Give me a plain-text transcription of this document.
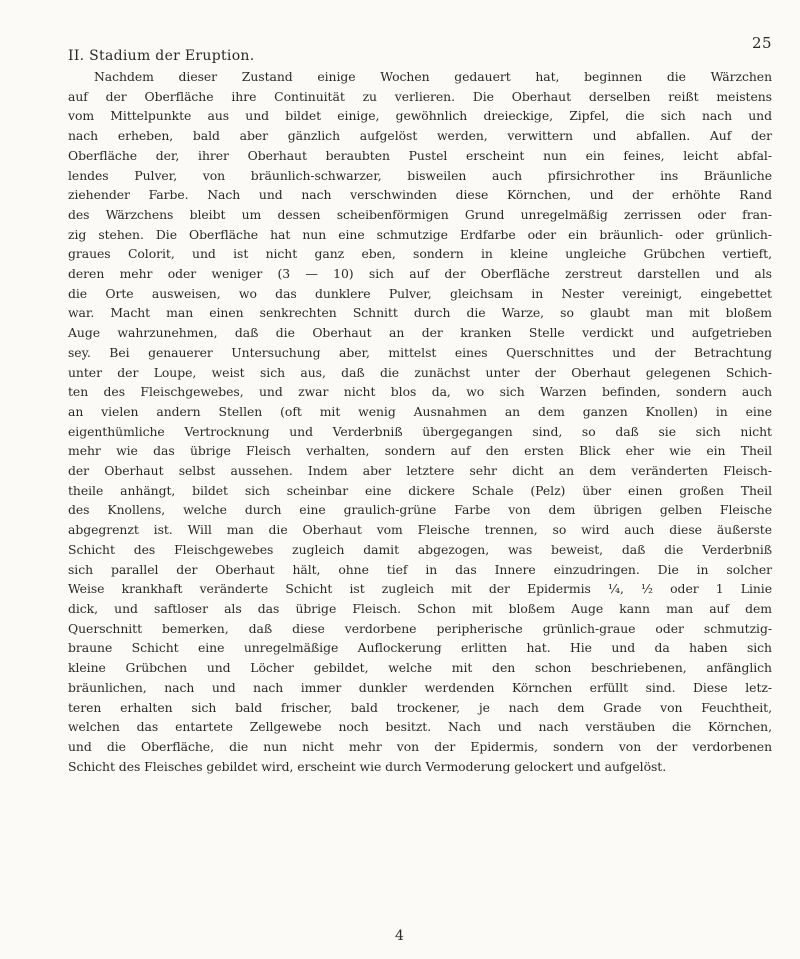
25
II. Stadium der Eruption.
Nachdem dieser Zustand einige Wochen gedauert hat, beginnen die Wärzchen
auf der Oberfläche ihre Continuität zu verlieren. Die Oberhaut derselben reißt meistens
vom Mittelpunkte aus und bildet einige, gewöhnlich dreieckige, Zipfel, die sich nach und
nach erheben, bald aber gänzlich aufgelöst werden, verwittern und abfallen. Auf der
Oberfläche der, ihrer Oberhaut beraubten Pustel erscheint nun ein feines, leicht abfal-
lendes Pulver, von bräunlich-schwarzer, bisweilen auch pfirsichrother ins Bräunliche
ziehender Farbe. Nach und nach verschwinden diese Körnchen, und der erhöhte Rand
des Wärzchens bleibt um dessen scheibenförmigen Grund unregelmäßig zerrissen oder fran-
zig stehen. Die Oberfläche hat nun eine schmutzige Erdfarbe oder ein bräunlich- oder grünlich-
graues Colorit, und ist nicht ganz eben, sondern in kleine ungleiche Grübchen vertieft,
deren mehr oder weniger (3 — 10) sich auf der Oberfläche zerstreut darstellen und als
die Orte ausweisen, wo das dunklere Pulver, gleichsam in Nester vereinigt, eingebettet
war. Macht man einen senkrechten Schnitt durch die Warze, so glaubt man mit bloßem
Auge wahrzunehmen, daß die Oberhaut an der kranken Stelle verdickt und aufgetrieben
sey. Bei genauerer Untersuchung aber, mittelst eines Querschnittes und der Betrachtung
unter der Loupe, weist sich aus, daß die zunächst unter der Oberhaut gelegenen Schich-
ten des Fleischgewebes, und zwar nicht blos da, wo sich Warzen befinden, sondern auch
an vielen andern Stellen (oft mit wenig Ausnahmen an dem ganzen Knollen) in eine
eigenthümliche Vertrocknung und Verderbniß übergegangen sind, so daß sie sich nicht
mehr wie das übrige Fleisch verhalten, sondern auf den ersten Blick eher wie ein Theil
der Oberhaut selbst aussehen. Indem aber letztere sehr dicht an dem veränderten Fleisch-
theile anhängt, bildet sich scheinbar eine dickere Schale (Pelz) über einen großen Theil
des Knollens, welche durch eine graulich-grüne Farbe von dem übrigen gelben Fleische
abgegrenzt ist. Will man die Oberhaut vom Fleische trennen, so wird auch diese äußerste
Schicht des Fleischgewebes zugleich damit abgezogen, was beweist, daß die Verderbniß
sich parallel der Oberhaut hält, ohne tief in das Innere einzudringen. Die in solcher
Weise krankhaft veränderte Schicht ist zugleich mit der Epidermis ¼, ½ oder 1 Linie
dick, und saftloser als das übrige Fleisch. Schon mit bloßem Auge kann man auf dem
Querschnitt bemerken, daß diese verdorbene peripherische grünlich-graue oder schmutzig-
braune Schicht eine unregelmäßige Auflockerung erlitten hat. Hie und da haben sich
kleine Grübchen und Löcher gebildet, welche mit den schon beschriebenen, anfänglich
bräunlichen, nach und nach immer dunkler werdenden Körnchen erfüllt sind. Diese letz-
teren erhalten sich bald frischer, bald trockener, je nach dem Grade von Feuchtheit,
welchen das entartete Zellgewebe noch besitzt. Nach und nach verstäuben die Körnchen,
und die Oberfläche, die nun nicht mehr von der Epidermis, sondern von der verdorbenen
Schicht des Fleisches gebildet wird, erscheint wie durch Vermoderung gelockert und aufgelöst.
4
